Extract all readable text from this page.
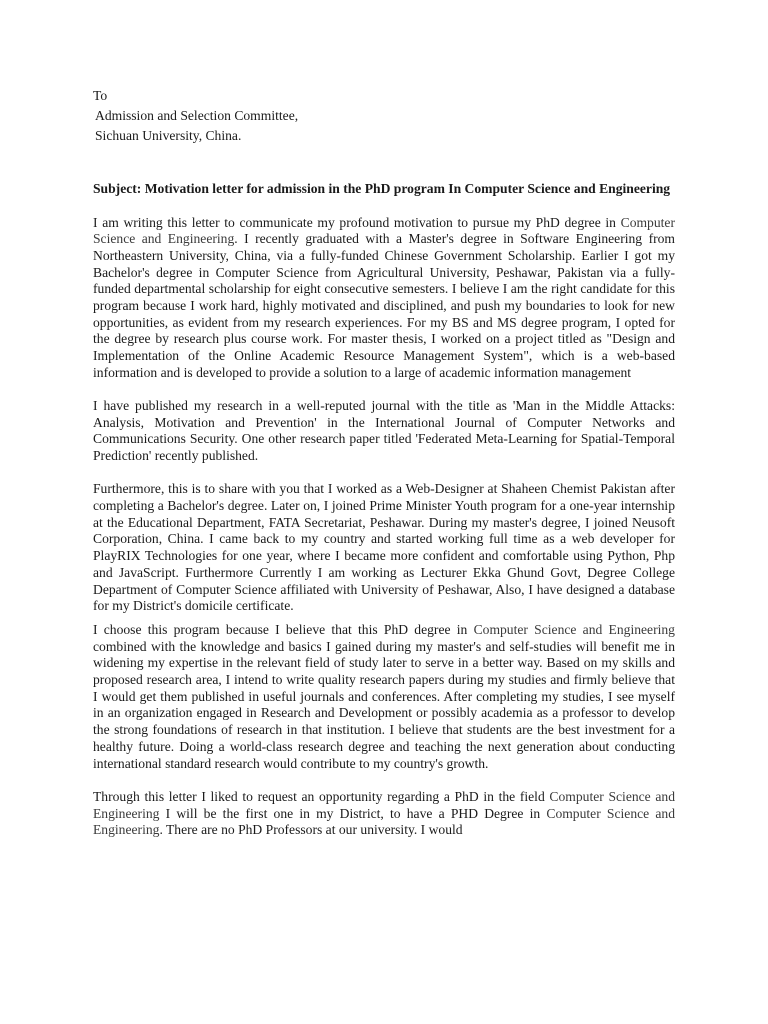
To
Admission and Selection Committee,
Sichuan University, China.
Subject: Motivation letter for admission in the PhD program In Computer Science and Engineering

I am writing this letter to communicate my profound motivation to pursue my PhD degree in Computer Science and Engineering. I recently graduated with a Master's degree in Software Engineering from Northeastern University, China, via a fully-funded Chinese Government Scholarship. Earlier I got my Bachelor's degree in Computer Science from Agricultural University, Peshawar, Pakistan via a fully-funded departmental scholarship for eight consecutive semesters. I believe I am the right candidate for this program because I work hard, highly motivated and disciplined, and push my boundaries to look for new opportunities, as evident from my research experiences. For my BS and MS degree program, I opted for the degree by research plus course work. For master thesis, I worked on a project titled as "Design and Implementation of the Online Academic Resource Management System", which is a web-based information and is developed to provide a solution to a large of academic information management

I have published my research in a well-reputed journal with the title as 'Man in the Middle Attacks: Analysis, Motivation and Prevention' in the International Journal of Computer Networks and Communications Security. One other research paper titled 'Federated Meta-Learning for Spatial-Temporal Prediction' recently published.

Furthermore, this is to share with you that I worked as a Web-Designer at Shaheen Chemist Pakistan after completing a Bachelor's degree. Later on, I joined Prime Minister Youth program for a one-year internship at the Educational Department, FATA Secretariat, Peshawar. During my master's degree, I joined Neusoft Corporation, China. I came back to my country and started working full time as a web developer for PlayRIX Technologies for one year, where I became more confident and comfortable using Python, Php and JavaScript. Furthermore Currently I am working as Lecturer Ekka Ghund Govt, Degree College Department of Computer Science affiliated with University of Peshawar, Also, I have designed a database for my District's domicile certificate.

I choose this program because I believe that this PhD degree in Computer Science and Engineering combined with the knowledge and basics I gained during my master's and self-studies will benefit me in widening my expertise in the relevant field of study later to serve in a better way. Based on my skills and proposed research area, I intend to write quality research papers during my studies and firmly believe that I would get them published in useful journals and conferences. After completing my studies, I see myself in an organization engaged in Research and Development or possibly academia as a professor to develop the strong foundations of research in that institution. I believe that students are the best investment for a healthy future. Doing a world-class research degree and teaching the next generation about conducting international standard research would contribute to my country's growth.

Through this letter I liked to request an opportunity regarding a PhD in the field Computer Science and Engineering I will be the first one in my District, to have a PHD Degree in Computer Science and Engineering. There are no PhD Professors at our university. I would
